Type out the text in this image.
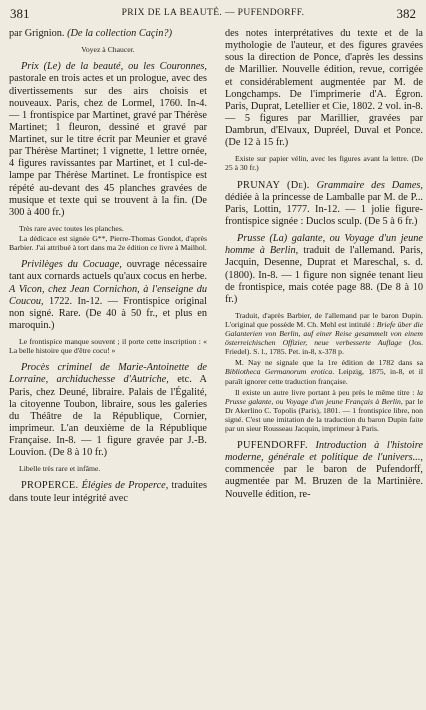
381	PRIX DE LA BEAUTÉ. — PUFENDORFF.	382

par Grignion. (De la collection Caçin?)

Voyez à Chaucer.

Prix (Le) de la beauté, ou les Couronnes, pastorale en trois actes et un prologue, avec des divertissements sur des airs choisis et nouveaux. Paris, chez de Lormel, 1760. In-4. — 1 frontispice par Martinet, gravé par Thérèse Martinet; 1 fleuron, dessiné et gravé par Martinet, sur le titre écrit par Meunier et gravé par Thérèse Martinet; 1 vignette, 1 lettre ornée, 4 figures ravissantes par Martinet, et 1 cul-de-lampe par Thérèse Martinet. Le frontispice est répété au-devant des 45 planches gravées de musique et texte qui se trouvent à la fin. (De 300 à 400 fr.)

Très rare avec toutes les planches.

La dédicace est signée G**, Pierre-Thomas Gondot, d'après Barbier. J'ai attribué à tort dans ma 2e édition ce livre à Mailhol.

Privilèges du Cocuage, ouvrage nécessaire tant aux cornards actuels qu'aux cocus en herbe. A Vicon, chez Jean Cornichon, à l'enseigne du Coucou, 1722. In-12. — Frontispice original non signé. Rare. (De 40 à 50 fr., et plus en maroquin.)

Le frontispice manque souvent ; il porte cette inscription : « La belle histoire que d'être cocu! »

Procès criminel de Marie-Antoinette de Lorraine, archiduchesse d'Autriche, etc. A Paris, chez Deuné, libraire. Palais de l'Égalité, la citoyenne Toubon, libraire, sous les galeries du Théâtre de la République, Cornier, imprimeur. L'an deuxième de la République Française. In-8. — 1 figure gravée par J.-B. Louvion. (De 8 à 10 fr.)

Libelle très rare et infâme.

PROPERCE. Élégies de Properce, traduites dans toute leur intégrité avec

des notes interprétatives du texte et de la mythologie de l'auteur, et des figures gravées sous la direction de Ponce, d'après les dessins de Marillier. Nouvelle édition, revue, corrigée et considérablement augmentée par M. de Longchamps. De l'imprimerie d'A. Égron. Paris, Duprat, Letellier et Cie, 1802. 2 vol. in-8. — 5 figures par Marillier, gravées par Dambrun, d'Elvaux, Dupréel, Duval et Ponce. (De 12 à 15 fr.)

Existe sur papier vélin, avec les figures avant la lettre. (De 25 à 30 fr.)

PRUNAY (De). Grammaire des Dames, dédiée à la princesse de Lamballe par M. de P... Paris, Lottin, 1777. In-12. — 1 jolie figure-frontispice signée : Duclos sculp. (De 5 à 6 fr.)

Prusse (La) galante, ou Voyage d'un jeune homme à Berlin, traduit de l'allemand. Paris, Jacquin, Desenne, Duprat et Mareschal, s. d. (1800). In-8. — 1 figure non signée tenant lieu de frontispice, mais cotée page 88. (De 8 à 10 fr.)

Traduit, d'après Barbier, de l'allemand par le baron Dupin. L'original que possède M. Ch. Mehl est intitulé : Briefe über die Galanterien von Berlin, auf einer Reise gesammelt von einem österreichischen Offizier, neue verbesserte Auflage (Jos. Friedel). S. l., 1785. Pet. in-8, x-378 p.

M. Nay ne signale que la 1re édition de 1782 dans sa Bibliotheca Germanorum erotica. Leipzig, 1875, in-8, et il paraît ignorer cette traduction française.

Il existe un autre livre portant à peu près le même titre : la Prusse galante, ou Voyage d'un jeune Français à Berlin, par le Dr Akerlino C. Topolis (Paris), 1801. — 1 frontispice libre, non signé. C'est une imitation de la traduction du baron Dupin faite par un sieur Rousseau Jacquin, imprimeur à Paris.

PUFENDORFF. Introduction à l'histoire moderne, générale et politique de l'univers..., commencée par le baron de Pufendorff, augmentée par M. Bruzen de la Martinière. Nouvelle édition, re-
